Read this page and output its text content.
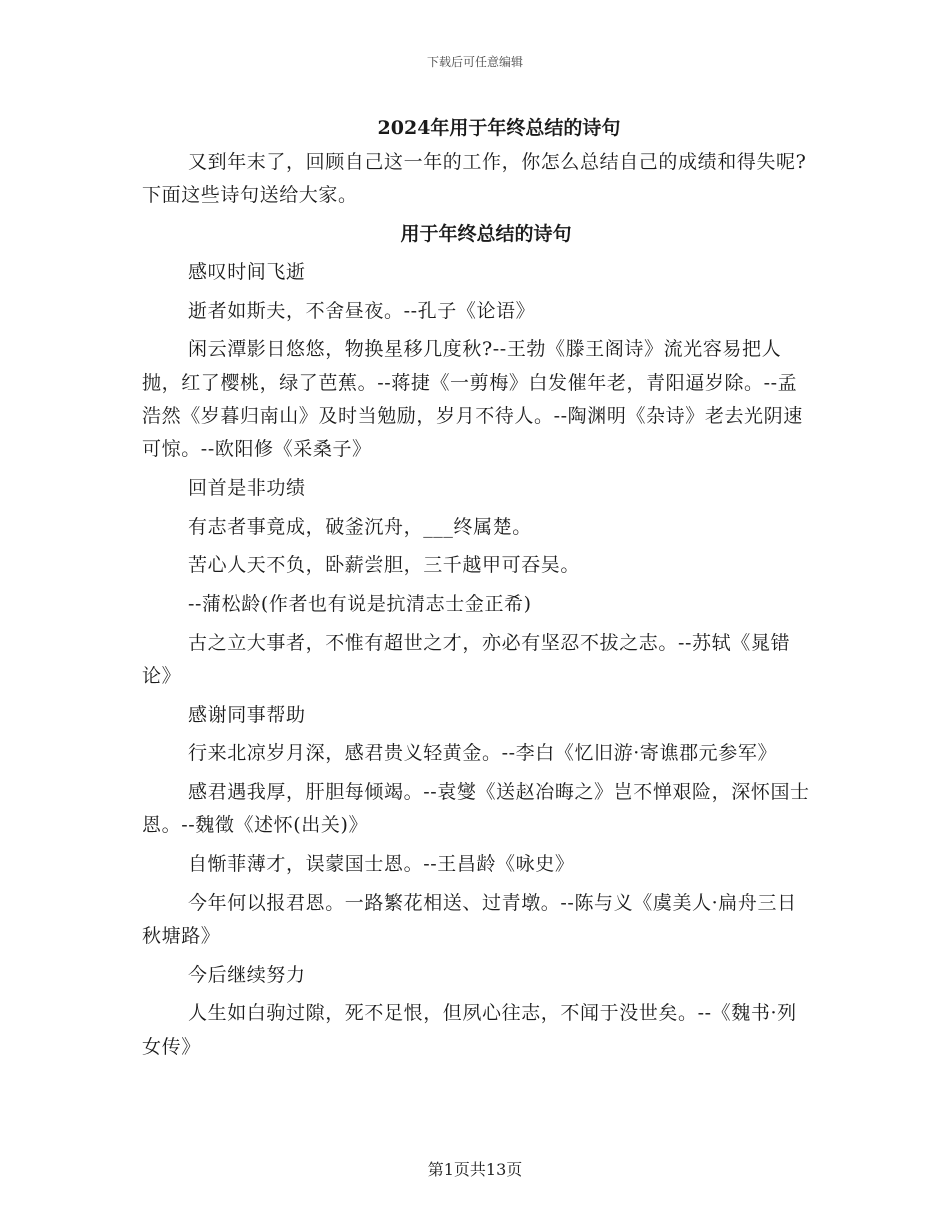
下载后可任意编辑
2024年用于年终总结的诗句

又到年末了，回顾自己这一年的工作，你怎么总结自己的成绩和得失呢?下面这些诗句送给大家。

用于年终总结的诗句

感叹时间飞逝

逝者如斯夫，不舍昼夜。--孔子《论语》

闲云潭影日悠悠，物换星移几度秋?--王勃《滕王阁诗》流光容易把人抛，红了樱桃，绿了芭蕉。--蒋捷《一剪梅》白发催年老，青阳逼岁除。--孟浩然《岁暮归南山》及时当勉励，岁月不待人。--陶渊明《杂诗》老去光阴速可惊。--欧阳修《采桑子》

回首是非功绩

有志者事竟成，破釜沉舟，___终属楚。

苦心人天不负，卧薪尝胆，三千越甲可吞吴。

--蒲松龄(作者也有说是抗清志士金正希)

古之立大事者，不惟有超世之才，亦必有坚忍不拔之志。--苏轼《晁错论》

感谢同事帮助

行来北凉岁月深，感君贵义轻黄金。--李白《忆旧游·寄谯郡元参军》

感君遇我厚，肝胆每倾竭。--袁燮《送赵冶晦之》岂不惮艰险，深怀国士恩。--魏徵《述怀(出关)》

自惭菲薄才，误蒙国士恩。--王昌龄《咏史》

今年何以报君恩。一路繁花相送、过青墩。--陈与义《虞美人·扁舟三日秋塘路》

今后继续努力

人生如白驹过隙，死不足恨，但夙心往志，不闻于没世矣。--《魏书·列女传》

第1页共13页
